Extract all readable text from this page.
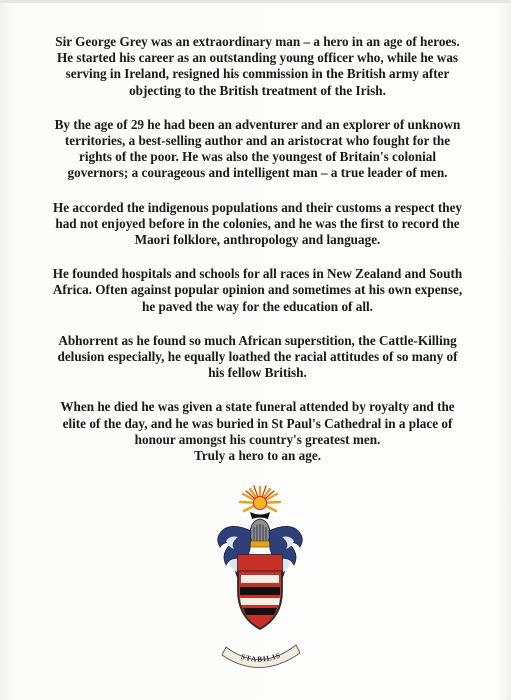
Sir George Grey was an extraordinary man – a hero in an age of heroes. He started his career as an outstanding young officer who, while he was serving in Ireland, resigned his commission in the British army after objecting to the British treatment of the Irish.

By the age of 29 he had been an adventurer and an explorer of unknown territories, a best-selling author and an aristocrat who fought for the rights of the poor. He was also the youngest of Britain's colonial governors; a courageous and intelligent man – a true leader of men.

He accorded the indigenous populations and their customs a respect they had not enjoyed before in the colonies, and he was the first to record the Maori folklore, anthropology and language.

He founded hospitals and schools for all races in New Zealand and South Africa. Often against popular opinion and sometimes at his own expense, he paved the way for the education of all.

Abhorrent as he found so much African superstition, the Cattle-Killing delusion especially, he equally loathed the racial attitudes of so many of his fellow British.

When he died he was given a state funeral attended by royalty and the elite of the day, and he was buried in St Paul's Cathedral in a place of honour amongst his country's greatest men.
Truly a hero to an age.

STABILIS
